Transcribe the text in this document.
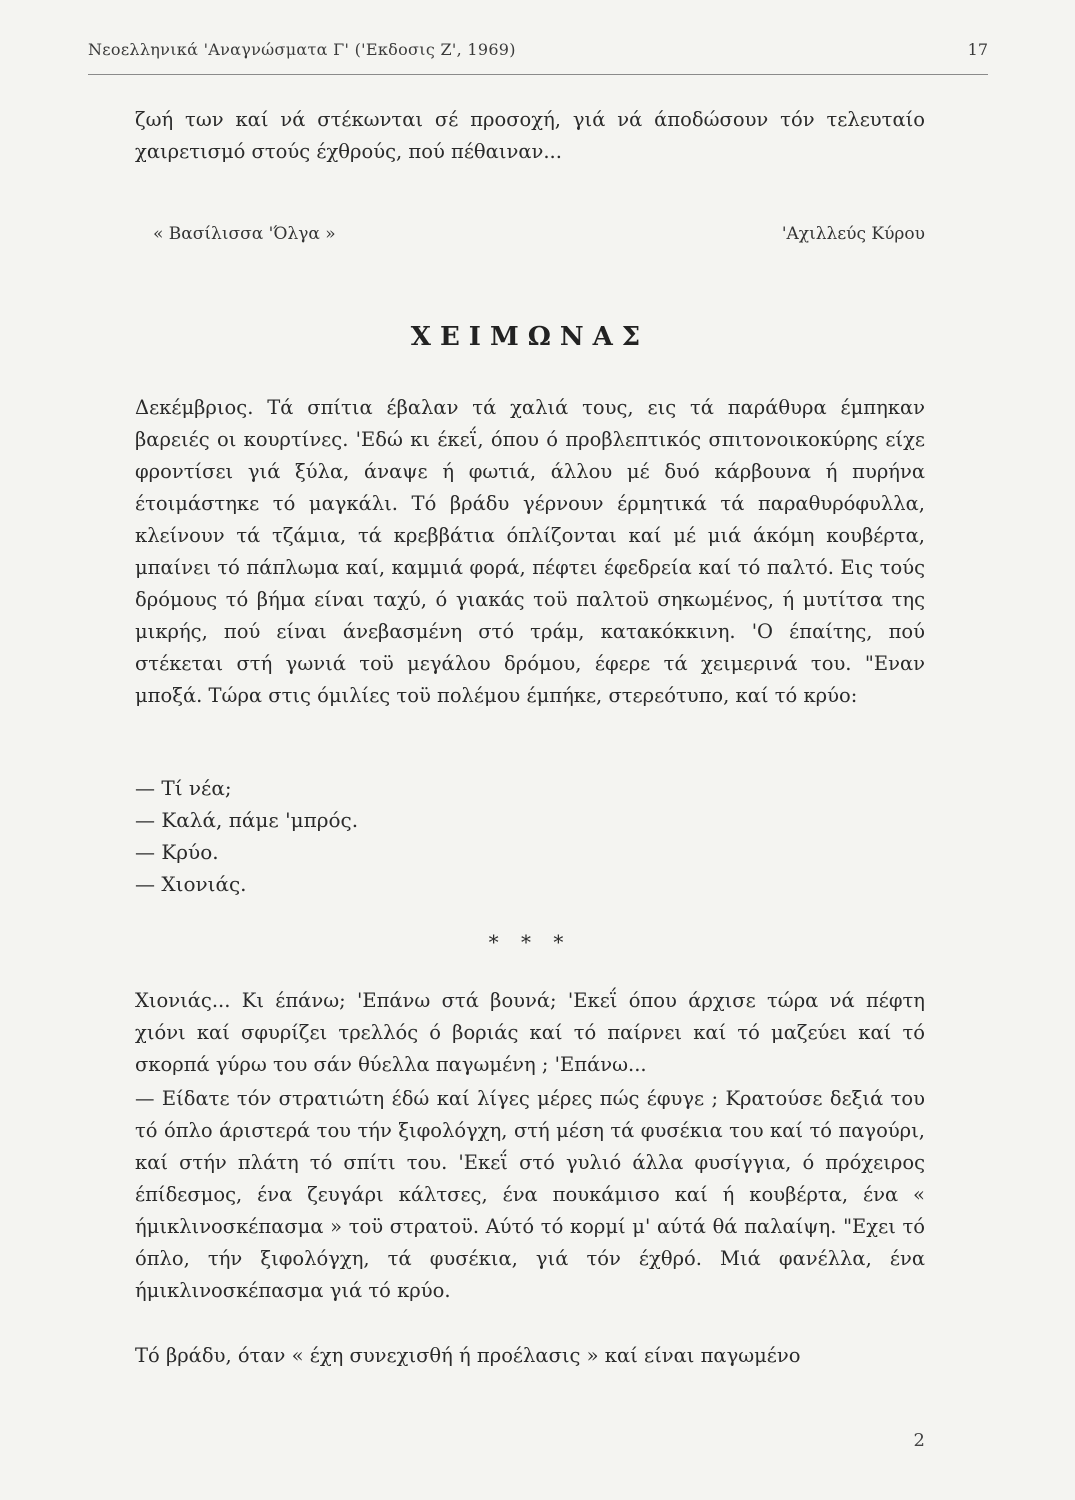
Νεοελληνικά 'Αναγνώσματα Γ' ('Εκδοσις Ζ', 1969)	17

ζωή των καί νά στέκωνται σέ προσοχή, γιά νά άποδώσουν τόν τελευταίο χαιρετισμό στούς έχθρούς, πού πέθαιναν...

« Βασίλισσα 'Όλγα »	'Αχιλλεύς Κύρου
ΧΕΙΜΩΝΑΣ

Δεκέμβριος. Τά σπίτια έβαλαν τά χαλιά τους, εις τά παράθυρα έμπηκαν βαρειές οι κουρτίνες. 'Εδώ κι έκεΐ, όπου ό προβλεπτικός σπιτονοικοκύρης είχε φροντίσει γιά ξύλα, άναψε ή φωτιά, άλλου μέ δυό κάρβουνα ή πυρήνα έτοιμάστηκε τό μαγκάλι. Τό βράδυ γέρνουν έρμητικά τά παραθυρόφυλλα, κλείνουν τά τζάμια, τά κρεββάτια όπλίζονται καί μέ μιά άκόμη κουβέρτα, μπαίνει τό πάπλωμα καί, καμμιά φορά, πέφτει έφεδρεία καί τό παλτό. Εις τούς δρόμους τό βήμα είναι ταχύ, ό γιακάς τοϋ παλτοϋ σηκωμένος, ή μυτίτσα της μικρής, πού είναι άνεβασμένη στό τράμ, κατακόκκινη. 'Ο έπαίτης, πού στέκεται στή γωνιά τοϋ μεγάλου δρόμου, έφερε τά χειμερινά του. "Εναν μποξά. Τώρα στις όμιλίες τοϋ πολέμου έμπήκε, στερεότυπο, καί τό κρύο:

— Τί νέα;
— Καλά, πάμε 'μπρός.
— Κρύο.
— Χιονιάς.
* * *

Χιονιάς... Κι έπάνω; 'Επάνω στά βουνά; 'Εκεΐ όπου άρχισε τώρα νά πέφτη χιόνι καί σφυρίζει τρελλός ό βοριάς καί τό παίρνει καί τό μαζεύει καί τό σκορπά γύρω του σάν θύελλα παγωμένη ; 'Επάνω...

— Είδατε τόν στρατιώτη έδώ καί λίγες μέρες πώς έφυγε ; Κρατούσε δεξιά του τό όπλο άριστερά του τήν ξιφολόγχη, στή μέση τά φυσέκια του καί τό παγούρι, καί στήν πλάτη τό σπίτι του. 'Εκεΐ στό γυλιό άλλα φυσίγγια, ό πρόχειρος έπίδεσμος, ένα ζευγάρι κάλτσες, ένα πουκάμισο καί ή κουβέρτα, ένα « ήμικλινοσκέπασμα » τοϋ στρατοϋ. Αύτό τό κορμί μ' αύτά θά παλαίψη. "Εχει τό όπλο, τήν ξιφολόγχη, τά φυσέκια, γιά τόν έχθρό. Μιά φανέλλα, ένα ήμικλινοσκέπασμα γιά τό κρύο.

Τό βράδυ, όταν « έχη συνεχισθή ή προέλασις » καί είναι παγωμένο

2
